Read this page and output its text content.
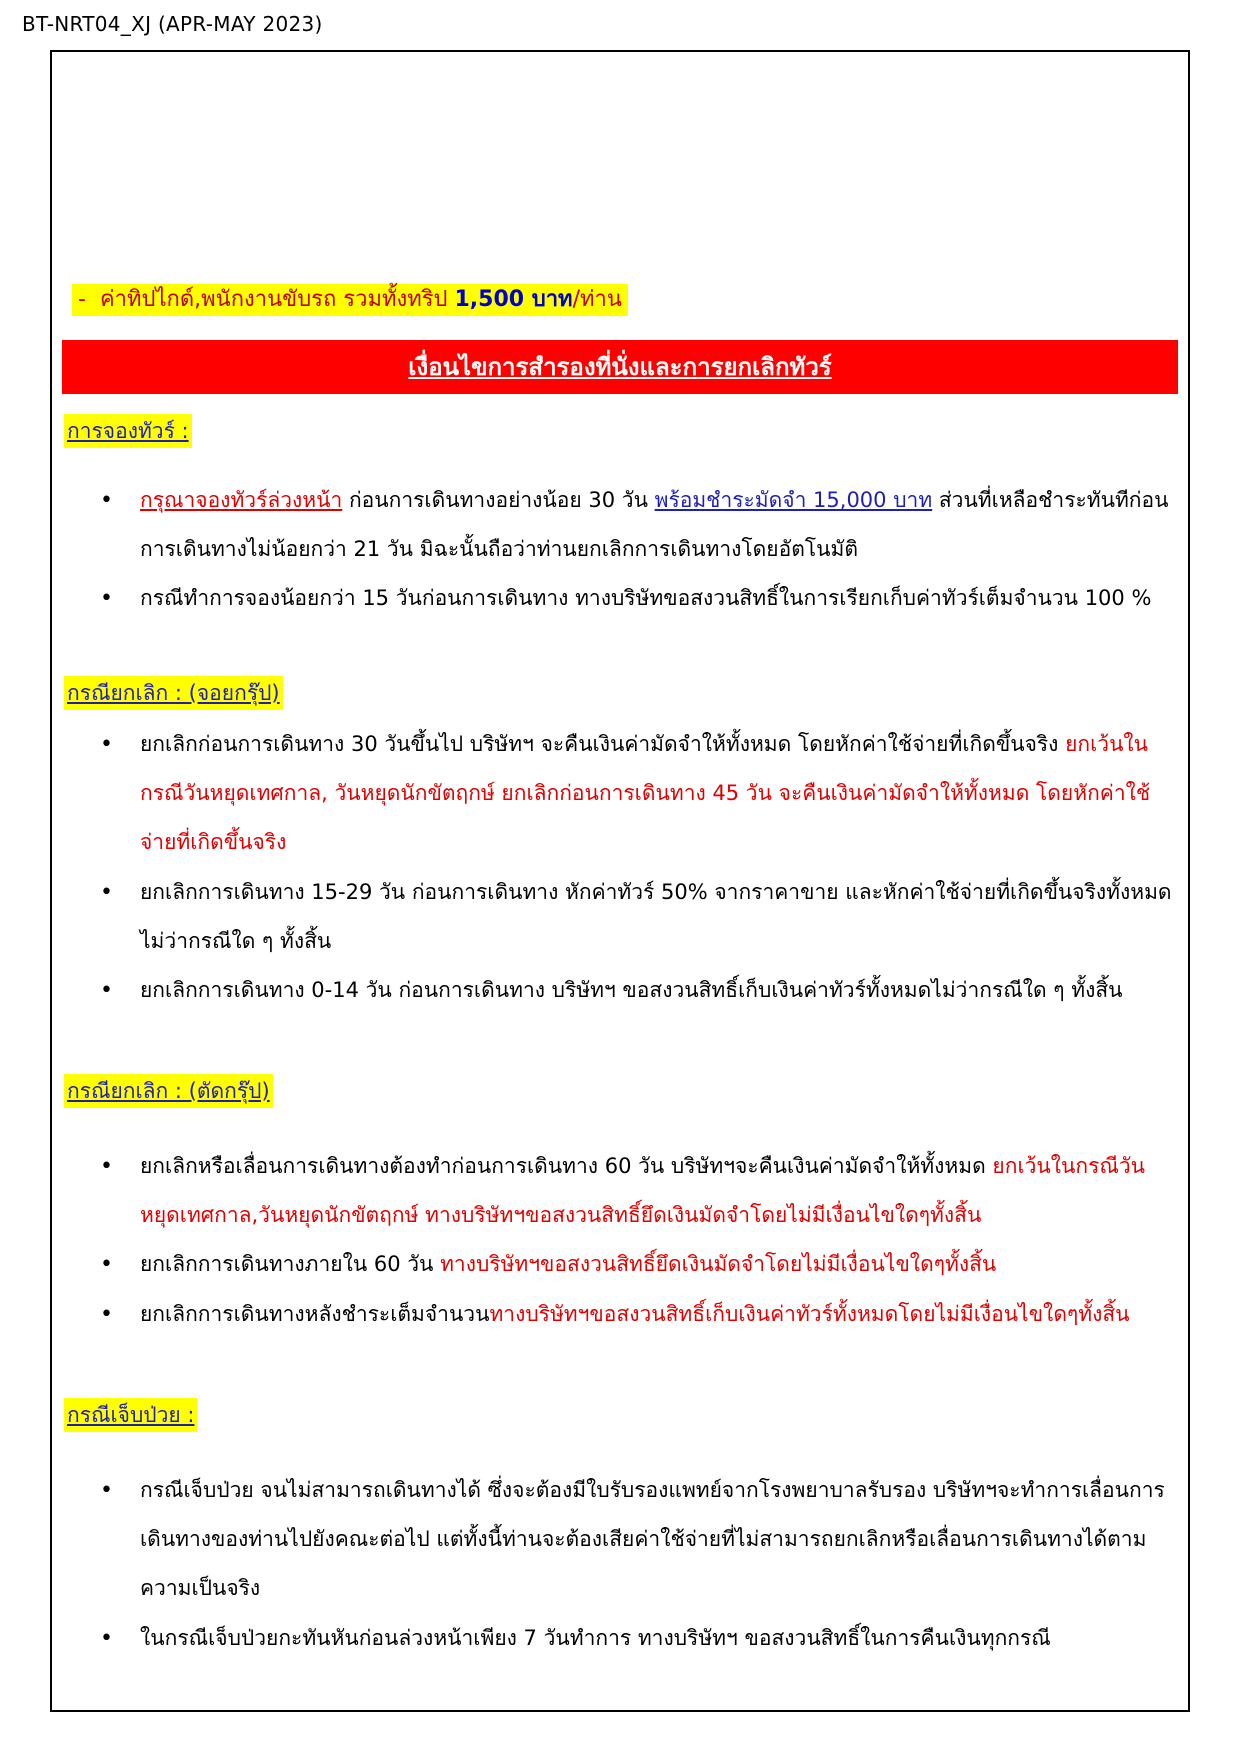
BT-NRT04_XJ (APR-MAY 2023)
- ค่าทิปไกด์,พนักงานขับรถ รวมทั้งทริป 1,500 บาท/ท่าน
เงื่อนไขการสำรองที่นั่งและการยกเลิกทัวร์
การจองทัวร์ :
• กรุณาจองทัวร์ล่วงหน้า ก่อนการเดินทางอย่างน้อย 30 วัน พร้อมชำระมัดจำ 15,000 บาท ส่วนที่เหลือชำระทันทีก่อนการเดินทางไม่น้อยกว่า 21 วัน มิฉะนั้นถือว่าท่านยกเลิกการเดินทางโดยอัตโนมัติ
• กรณีทำการจองน้อยกว่า 15 วันก่อนการเดินทาง ทางบริษัทขอสงวนสิทธิ์ในการเรียกเก็บค่าทัวร์เต็มจำนวน 100 %
กรณียกเลิก : (จอยกรุ๊ป)
• ยกเลิกก่อนการเดินทาง 30 วันขึ้นไป บริษัทฯ จะคืนเงินค่ามัดจำให้ทั้งหมด โดยหักค่าใช้จ่ายที่เกิดขึ้นจริง ยกเว้นในกรณีวันหยุดเทศกาล, วันหยุดนักขัตฤกษ์ ยกเลิกก่อนการเดินทาง 45 วัน จะคืนเงินค่ามัดจำให้ทั้งหมด โดยหักค่าใช้จ่ายที่เกิดขึ้นจริง
• ยกเลิกการเดินทาง 15-29 วัน ก่อนการเดินทาง หักค่าทัวร์ 50% จากราคาขาย และหักค่าใช้จ่ายที่เกิดขึ้นจริงทั้งหมดไม่ว่ากรณีใด ๆ ทั้งสิ้น
• ยกเลิกการเดินทาง 0-14 วัน ก่อนการเดินทาง บริษัทฯ ขอสงวนสิทธิ์เก็บเงินค่าทัวร์ทั้งหมดไม่ว่ากรณีใด ๆ ทั้งสิ้น
กรณียกเลิก : (ตัดกรุ๊ป)
• ยกเลิกหรือเลื่อนการเดินทางต้องทำก่อนการเดินทาง 60 วัน บริษัทฯจะคืนเงินค่ามัดจำให้ทั้งหมด ยกเว้นในกรณีวันหยุดเทศกาล,วันหยุดนักขัตฤกษ์ ทางบริษัทฯขอสงวนสิทธิ์ยึดเงินมัดจำโดยไม่มีเงื่อนไขใดๆทั้งสิ้น
• ยกเลิกการเดินทางภายใน 60 วัน ทางบริษัทฯขอสงวนสิทธิ์ยึดเงินมัดจำโดยไม่มีเงื่อนไขใดๆทั้งสิ้น
• ยกเลิกการเดินทางหลังชำระเต็มจำนวนทางบริษัทฯขอสงวนสิทธิ์เก็บเงินค่าทัวร์ทั้งหมดโดยไม่มีเงื่อนไขใดๆทั้งสิ้น
กรณีเจ็บป่วย :
• กรณีเจ็บป่วย จนไม่สามารถเดินทางได้ ซึ่งจะต้องมีใบรับรองแพทย์จากโรงพยาบาลรับรอง บริษัทฯจะทำการเลื่อนการเดินทางของท่านไปยังคณะต่อไป แต่ทั้งนี้ท่านจะต้องเสียค่าใช้จ่ายที่ไม่สามารถยกเลิกหรือเลื่อนการเดินทางได้ตามความเป็นจริง
• ในกรณีเจ็บป่วยกะทันหันก่อนล่วงหน้าเพียง 7 วันทำการ ทางบริษัทฯ ขอสงวนสิทธิ์ในการคืนเงินทุกกรณี
